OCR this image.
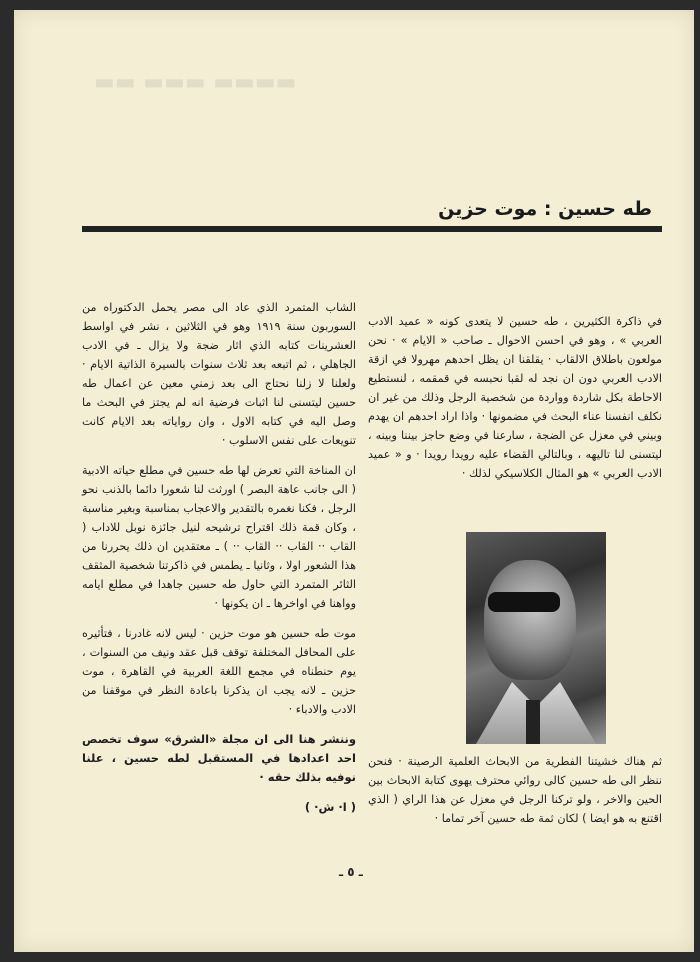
▬▬ ▬▬▬ ▬▬▬▬
طه حسين : موت حزين

في ذاكرة الكثيرين ، طه حسين لا يتعدى كونه « عميد الادب العربي » ، وهو في احسن الاحوال ـ صاحب « الايام » · نحن مولعون باطلاق الالقاب · يقلقنا ان يظل احدهم مهرولا في ازقة الادب العربي دون ان نجد له لقبا نحبسه في قمقمه ، لنستطيع الاحاطة بكل شاردة وواردة من شخصية الرجل وذلك من غير ان نكلف انفسنا عناء البحث في مضمونها · واذا اراد احدهم ان يهدم وبيني في معزل عن الضجة ، سارعنا في وضع حاجز بيننا وبينه ، ليتسنى لنا تاليهه ، وبالتالي القضاء عليه رويدا رويدا · و « عميد الادب العربي » هو المثال الكلاسيكي لذلك ·

ثم هناك خشيتنا الفطرية من الابحاث العلمية الرصينة · فنحن ننظر الى طه حسين كالى روائي محترف يهوى كتابة الابحاث بين الحين والاخر ، ولو تركنا الرجل في معزل عن هذا الراي ( الذي اقتنع به هو ايضا ) لكان ثمة طه حسين آخر تماما ·

الشاب المتمرد الذي عاد الى مصر يحمل الدكتوراه من السوربون سنة ١٩١٩ وهو في الثلاثين ، نشر في اواسط العشرينات كتابه الذي اثار ضجة ولا يزال ـ في الادب الجاهلي ، ثم اتبعه بعد ثلاث سنوات بالسيرة الذاتية الايام · ولعلنا لا زلنا نحتاج الى بعد زمني معين عن اعمال طه حسين ليتسنى لنا اثبات فرضية انه لم يجتز في البحث ما وصل اليه في كتابه الاول ، وان رواياته بعد الايام كانت تنويعات على نفس الاسلوب ·

ان المناخة التي تعرض لها طه حسين في مطلع حياته الادبية ( الى جانب عاهة البصر ) اورثت لنا شعورا دائما بالذنب نحو الرجل ، فكنا نغمره بالتقدير والاعجاب بمناسبة وبغير مناسبة ، وكان قمة ذلك اقتراح ترشيحه لنيل جائزة نوبل للاداب ( القاب ·· القاب ·· القاب ·· ) ـ معتقدين ان ذلك يحررنا من هذا الشعور اولا ، وثانيا ـ يطمس في ذاكرتنا شخصية المثقف الثائر المتمرد التي حاول طه حسين جاهدا في مطلع ايامه وواهنا في اواخرها ـ ان يكونها ·

موت طه حسين هو موت حزين · ليس لانه غادرنا ، فتأثيره على المحافل المختلفة توقف قبل عقد ونيف من السنوات ، يوم حنطناه في مجمع اللغة العربية في القاهرة ، موت حزين ـ لانه يجب ان يذكرنا باعادة النظر في موقفنا من الادب والادباء ·

وننشر هنا الى ان مجلة «الشرق» سوف تخصص احد اعدادها في المستقبل لطه حسين ، علنا نوفيه بذلك حقه ·

( ا· ش· )

ـ ٥ ـ
